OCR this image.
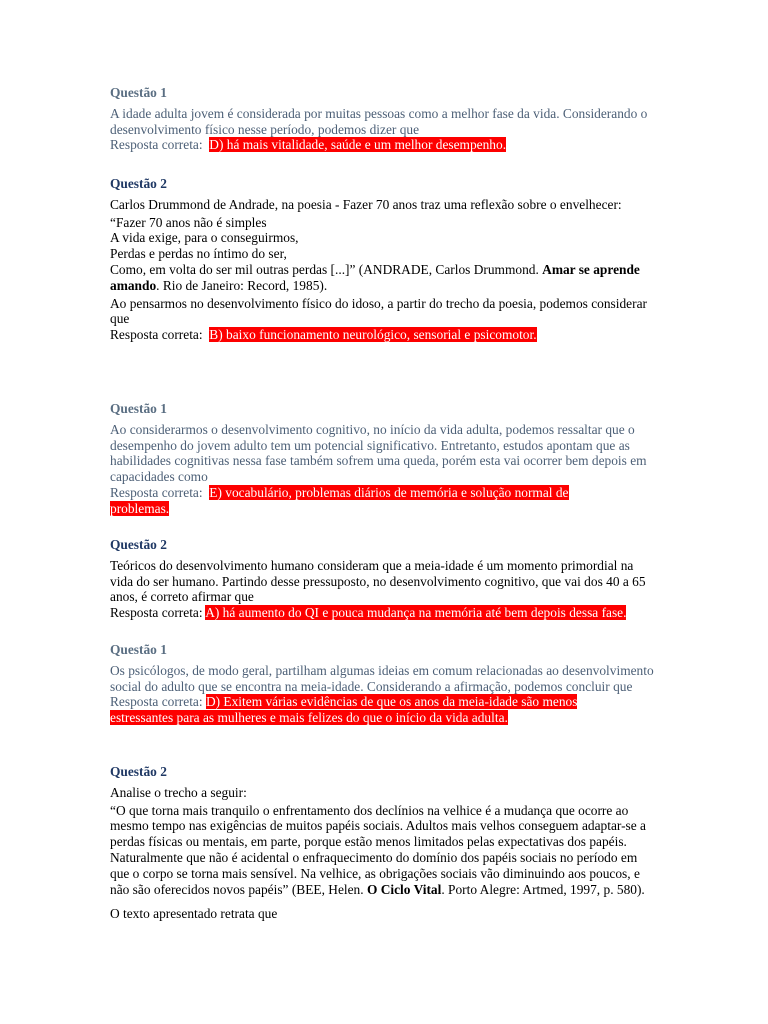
Questão 1

A idade adulta jovem é considerada por muitas pessoas como a melhor fase da vida. Considerando o desenvolvimento físico nesse período, podemos dizer que

Resposta correta: D) há mais vitalidade, saúde e um melhor desempenho.

Questão 2

Carlos Drummond de Andrade, na poesia - Fazer 70 anos traz uma reflexão sobre o envelhecer:

“Fazer 70 anos não é simples
A vida exige, para o conseguirmos,
Perdas e perdas no íntimo do ser,
Como, em volta do ser mil outras perdas [...]” (ANDRADE, Carlos Drummond. Amar se aprende amando. Rio de Janeiro: Record, 1985).

Ao pensarmos no desenvolvimento físico do idoso, a partir do trecho da poesia, podemos considerar que

Resposta correta: B) baixo funcionamento neurológico, sensorial e psicomotor.

Questão 1

Ao considerarmos o desenvolvimento cognitivo, no início da vida adulta, podemos ressaltar que o desempenho do jovem adulto tem um potencial significativo. Entretanto, estudos apontam que as habilidades cognitivas nessa fase também sofrem uma queda, porém esta vai ocorrer bem depois em capacidades como

Resposta correta: E) vocabulário, problemas diários de memória e solução normal de
problemas.

Questão 2

Teóricos do desenvolvimento humano consideram que a meia-idade é um momento primordial na vida do ser humano. Partindo desse pressuposto, no desenvolvimento cognitivo, que vai dos 40 a 65 anos, é correto afirmar que

Resposta correta: A) há aumento do QI e pouca mudança na memória até bem depois dessa fase.

Questão 1

Os psicólogos, de modo geral, partilham algumas ideias em comum relacionadas ao desenvolvimento social do adulto que se encontra na meia-idade. Considerando a afirmação, podemos concluir que

Resposta correta: D) Exitem várias evidências de que os anos da meia-idade são menos
estressantes para as mulheres e mais felizes do que o início da vida adulta.

Questão 2

Analise o trecho a seguir:

“O que torna mais tranquilo o enfrentamento dos declínios na velhice é a mudança que ocorre ao mesmo tempo nas exigências de muitos papéis sociais. Adultos mais velhos conseguem adaptar-se a perdas físicas ou mentais, em parte, porque estão menos limitados pelas expectativas dos papéis. Naturalmente que não é acidental o enfraquecimento do domínio dos papéis sociais no período em que o corpo se torna mais sensível. Na velhice, as obrigações sociais vão diminuindo aos poucos, e não são oferecidos novos papéis” (BEE, Helen. O Ciclo Vital. Porto Alegre: Artmed, 1997, p. 580).

O texto apresentado retrata que
